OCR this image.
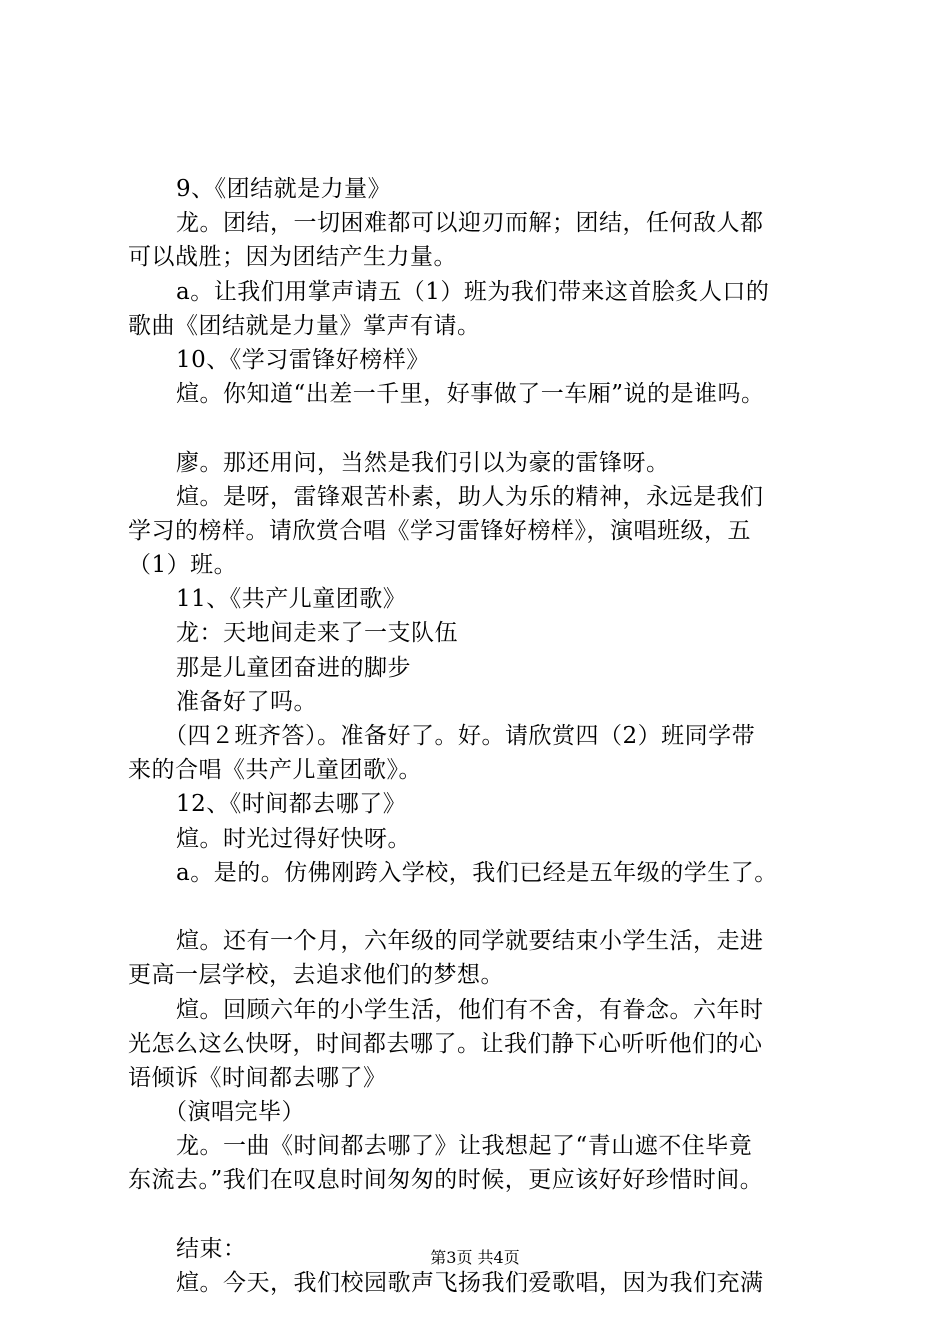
9、《团结就是力量》
龙。团结，一切困难都可以迎刃而解；团结，任何敌人都
可以战胜；因为团结产生力量。
a。让我们用掌声请五（1）班为我们带来这首脍炙人口的
歌曲《团结就是力量》掌声有请。
10、《学习雷锋好榜样》
煊。你知道“出差一千里，好事做了一车厢”说的是谁吗。
廖。那还用问，当然是我们引以为豪的雷锋呀。
煊。是呀，雷锋艰苦朴素，助人为乐的精神，永远是我们
学习的榜样。请欣赏合唱《学习雷锋好榜样》，演唱班级，五
（1）班。
11、《共产儿童团歌》
龙：天地间走来了一支队伍
那是儿童团奋进的脚步
准备好了吗。
（四２班齐答）。准备好了。好。请欣赏四（2）班同学带
来的合唱《共产儿童团歌》。
12、《时间都去哪了》
煊。时光过得好快呀。
a。是的。仿佛刚跨入学校，我们已经是五年级的学生了。
煊。还有一个月，六年级的同学就要结束小学生活，走进
更高一层学校，去追求他们的梦想。
煊。回顾六年的小学生活，他们有不舍，有眷念。六年时
光怎么这么快呀，时间都去哪了。让我们静下心听听他们的心
语倾诉《时间都去哪了》
（演唱完毕）
龙。一曲《时间都去哪了》让我想起了“青山遮不住毕竟
东流去。”我们在叹息时间匆匆的时候，更应该好好珍惜时间。
结束：
煊。今天，我们校园歌声飞扬我们爱歌唱，因为我们充满
第3页 共4页
